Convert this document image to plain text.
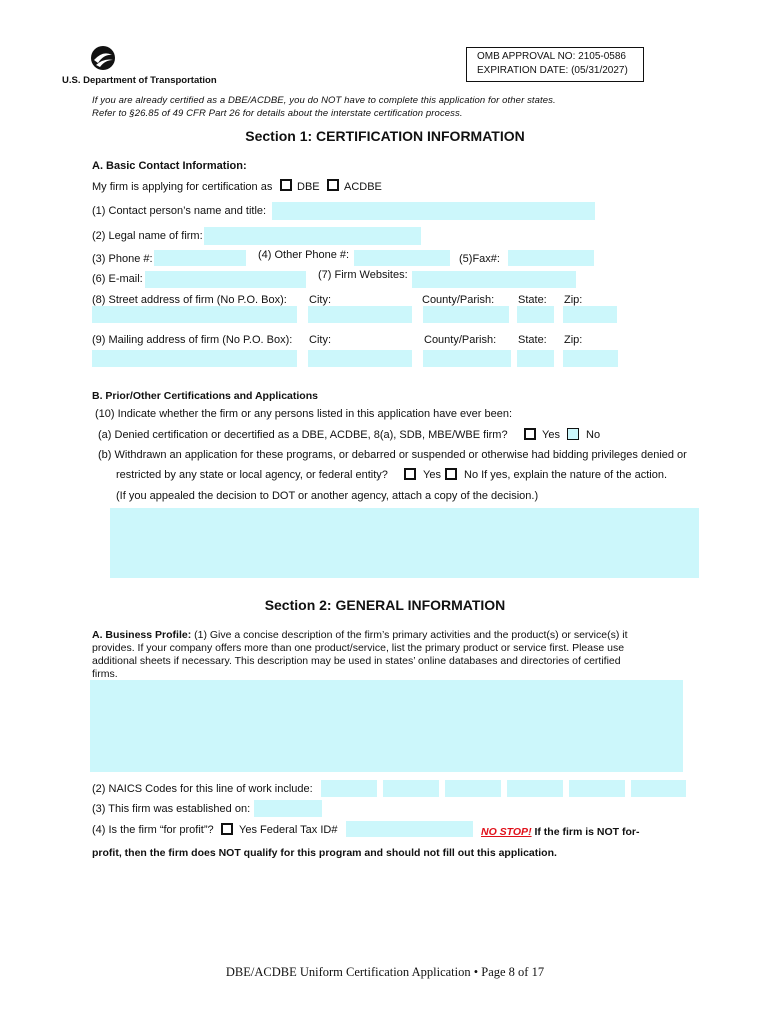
U.S. Department of Transportation
OMB APPROVAL NO: 2105-0586
EXPIRATION DATE: (05/31/2027)
If you are already certified as a DBE/ACDBE, you do NOT have to complete this application for other states.
Refer to §26.85 of 49 CFR Part 26 for details about the interstate certification process.
Section 1: CERTIFICATION INFORMATION
A. Basic Contact Information:
My firm is applying for certification as DBE ACDBE
(1) Contact person’s name and title:
(2) Legal name of firm:
(3) Phone #:	(4) Other Phone #:	(5)Fax#:
(6) E-mail:	(7) Firm Websites:
(8) Street address of firm (No P.O. Box): City:	County/Parish: State: Zip:
(9) Mailing address of firm (No P.O. Box): City:	County/Parish: State: Zip:
B. Prior/Other Certifications and Applications
(10) Indicate whether the firm or any persons listed in this application have ever been:
(a) Denied certification or decertified as a DBE, ACDBE, 8(a), SDB, MBE/WBE firm?	Yes No
(b) Withdrawn an application for these programs, or debarred or suspended or otherwise had bidding privileges denied or
restricted by any state or local agency, or federal entity?	Yes No If yes, explain the nature of the action.
(If you appealed the decision to DOT or another agency, attach a copy of the decision.)
Section 2: GENERAL INFORMATION
A. Business Profile: (1) Give a concise description of the firm’s primary activities and the product(s) or service(s) it
provides. If your company offers more than one product/service, list the primary product or service first. Please use
additional sheets if necessary. This description may be used in states’ online databases and directories of certified
firms.
(2) NAICS Codes for this line of work include:
(3) This firm was established on:
(4) Is the firm “for profit”? Yes Federal Tax ID#	NO STOP! If the firm is NOT for-
profit, then the firm does NOT qualify for this program and should not fill out this application.
DBE/ACDBE Uniform Certification Application • Page 8 of 17
